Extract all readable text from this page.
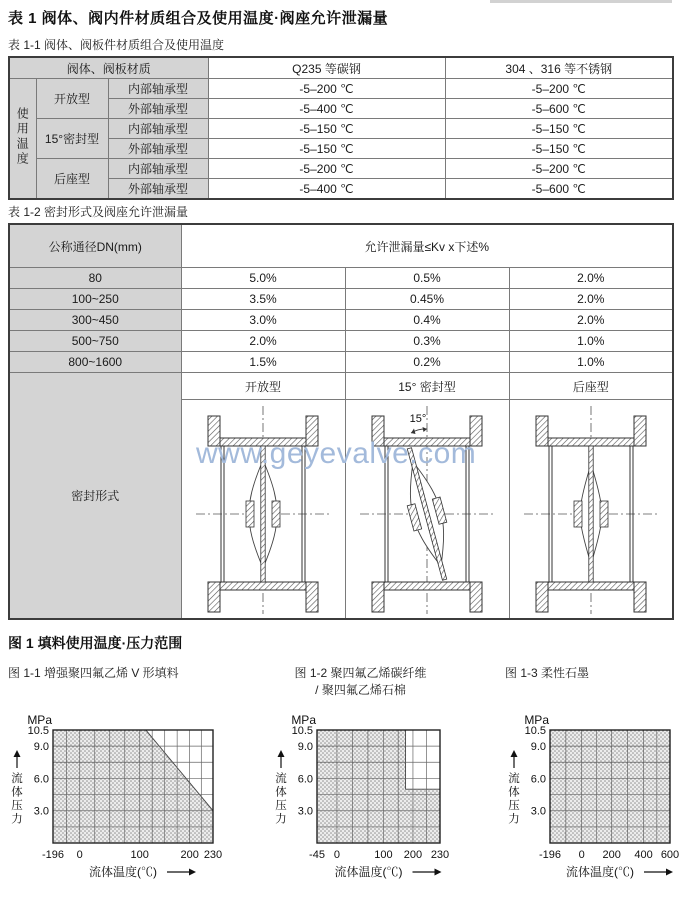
表 1 阀体、阀内件材质组合及使用温度·阀座允许泄漏量
表 1-1 阀体、阀板件材质组合及使用温度
阀体、阀板材质			Q235 等碳钢	304 、316 等不锈钢
使用温度	开放型	内部轴承型	-5–200 ℃	-5–200 ℃
		外部轴承型	-5–400 ℃	-5–600 ℃
	15°密封型	内部轴承型	-5–150 ℃	-5–150 ℃
		外部轴承型	-5–150 ℃	-5–150 ℃
	后座型	内部轴承型	-5–200 ℃	-5–200 ℃
		外部轴承型	-5–400 ℃	-5–600 ℃
表 1-2 密封形式及阀座允许泄漏量
公称通径DN(mm)	允许泄漏量≤Kv x下述%		
80	5.0%	0.5%	2.0%
100~250	3.5%	0.45%	2.0%
300~450	3.0%	0.4%	2.0%
500~750	2.0%	0.3%	1.0%
800~1600	1.5%	0.2%	1.0%
密封形式	开放型	15° 密封型	后座型

15°

www.geyevalve.com
图 1 填料使用温度·压力范围
图 1-1 增强聚四氟乙烯 V 形填料	图 1-2 聚四氟乙烯碳纤维
/ 聚四氟乙烯石棉
图 1-3 柔性石墨
3.0
6.0
9.0
10.5
MPa
-196 0	100	200 230
流体温度(℃)
流
体
压
力
3.0
6.0
9.0
10.5
MPa
-45 0	100 200 230
流体温度(℃)
流
体
压
力
3.0
6.0
9.0
10.5
MPa
-196 0 200 400 600
流体温度(℃)
流
体
压
力
